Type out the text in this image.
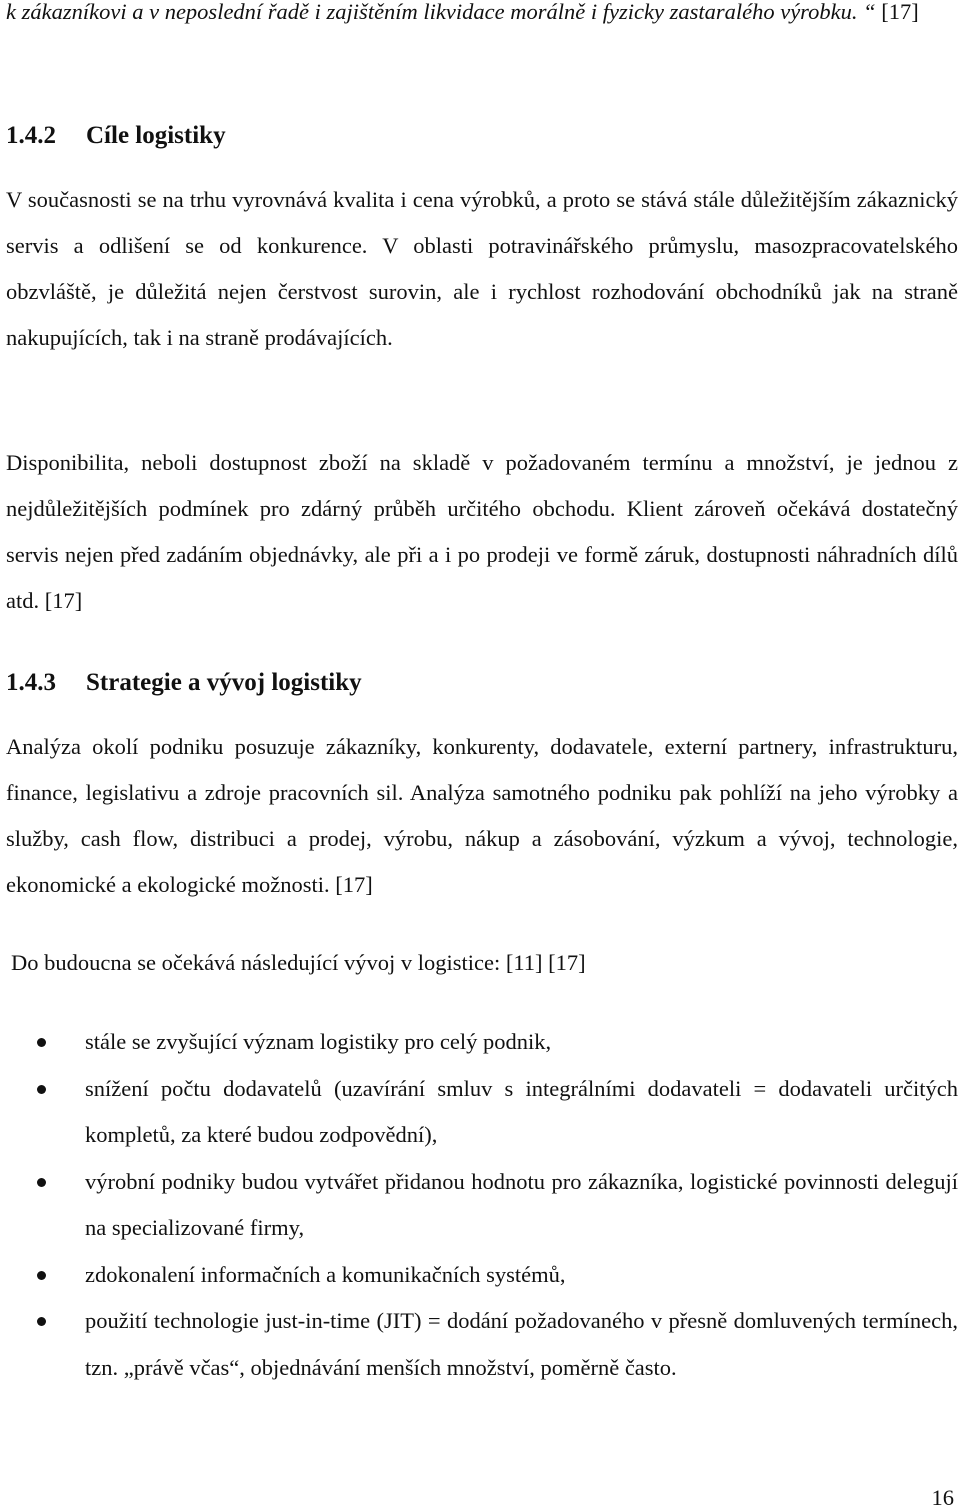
k zákazníkovi a v neposlední řadě i zajištěním likvidace morálně i fyzicky zastaralého výrobku. “ [17]

1.4.2 Cíle logistiky

V současnosti se na trhu vyrovnává kvalita i cena výrobků, a proto se stává stále důležitějším zákaznický servis a odlišení se od konkurence. V oblasti potravinářského průmyslu, masozpracovatelského obzvláště, je důležitá nejen čerstvost surovin, ale i rychlost rozhodování obchodníků jak na straně nakupujících, tak i na straně prodávajících.

Disponibilita, neboli dostupnost zboží na skladě v požadovaném termínu a množství, je jednou z nejdůležitějších podmínek pro zdárný průběh určitého obchodu. Klient zároveň očekává dostatečný servis nejen před zadáním objednávky, ale při a i po prodeji ve formě záruk, dostupnosti náhradních dílů atd. [17]

1.4.3 Strategie a vývoj logistiky

Analýza okolí podniku posuzuje zákazníky, konkurenty, dodavatele, externí partnery, infrastrukturu, finance, legislativu a zdroje pracovních sil. Analýza samotného podniku pak pohlíží na jeho výrobky a služby, cash flow, distribuci a prodej, výrobu, nákup a zásobování, výzkum a vývoj, technologie, ekonomické a ekologické možnosti. [17]

Do budoucna se očekává následující vývoj v logistice: [11] [17]

stále se zvyšující význam logistiky pro celý podnik,
snížení počtu dodavatelů (uzavírání smluv s integrálními dodavateli = dodavateli určitých kompletů, za které budou zodpovědní),
výrobní podniky budou vytvářet přidanou hodnotu pro zákazníka, logistické povinnosti delegují na specializované firmy,
zdokonalení informačních a komunikačních systémů,
použití technologie just-in-time (JIT) = dodání požadovaného v přesně domluvených termínech, tzn. „právě včas“, objednávání menších množství, poměrně často.
16
